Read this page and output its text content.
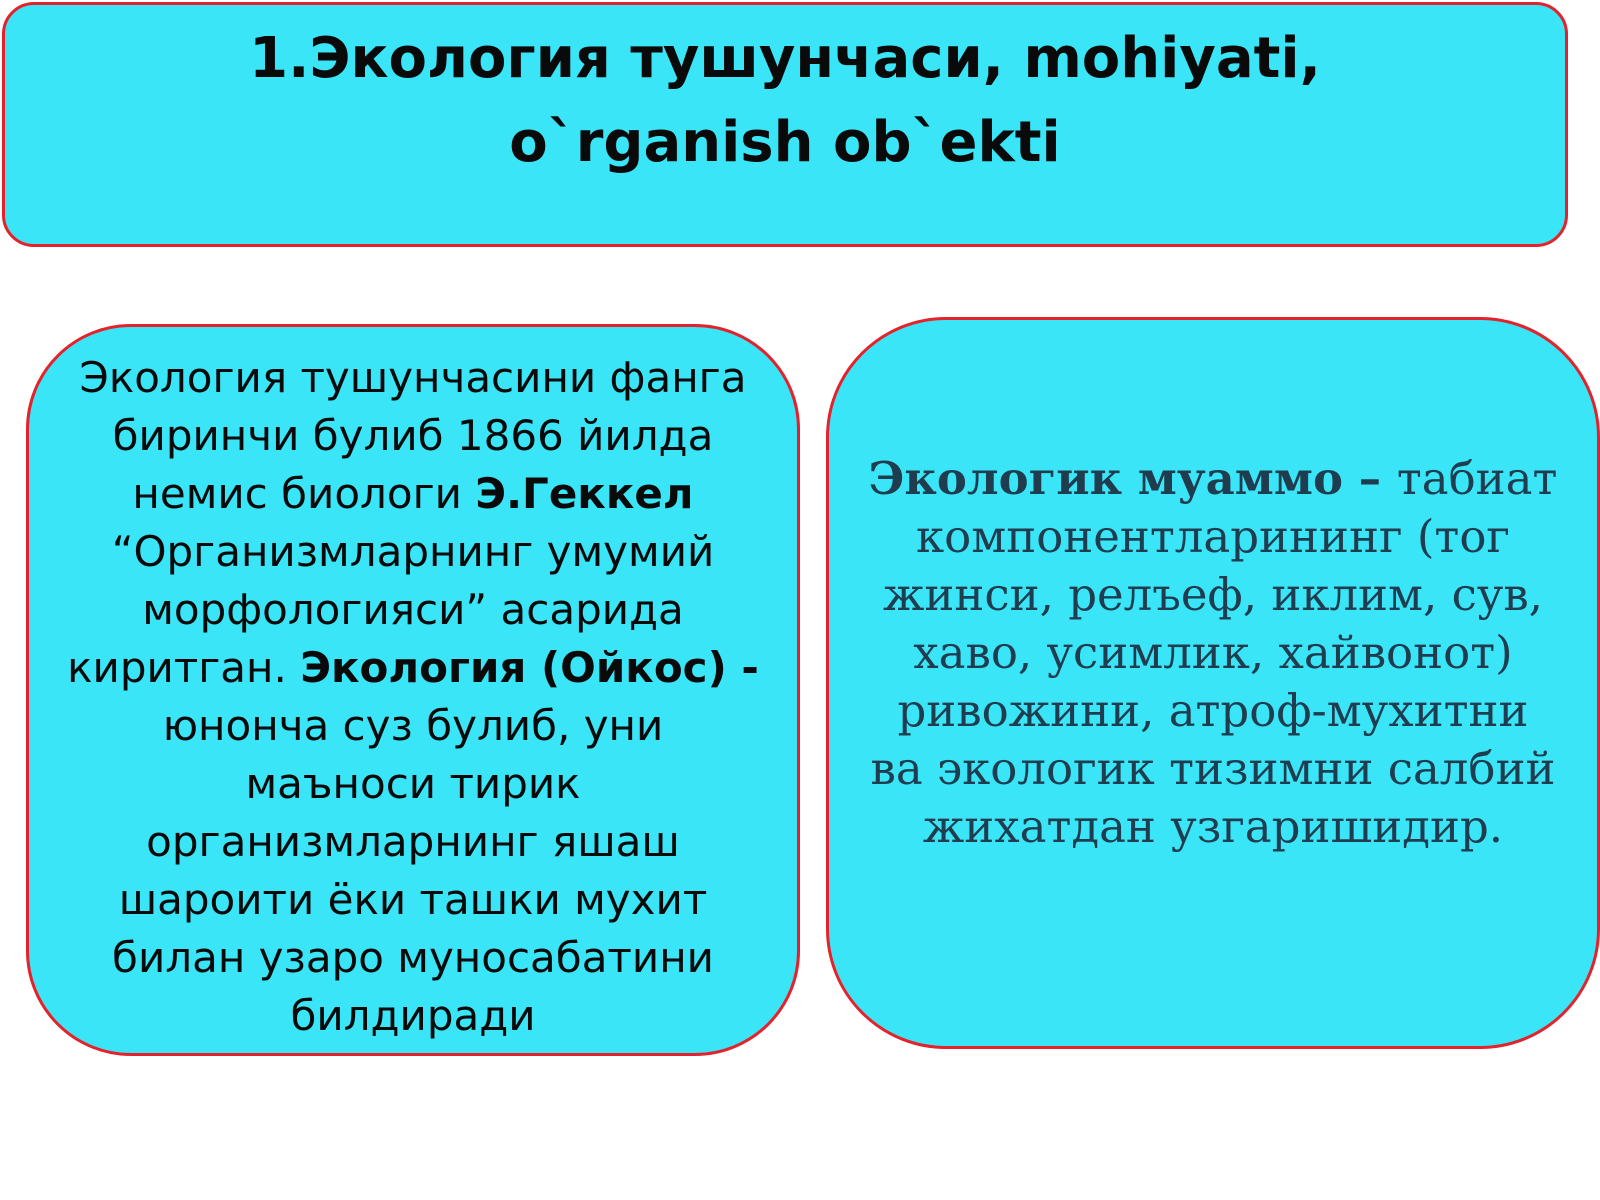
1.Экология тушунчаси, mohiyati, o`rganish ob`ekti
Экология тушунчасини фанга биринчи булиб 1866 йилда немис биологи Э.Геккел “Организмларнинг умумий морфологияси” асарида киритган. Экология (Ойкос) - юнонча суз булиб, уни маъноси тирик организмларнинг яшаш шароити ёки ташки мухит билан узаро муносабатини билдиради
Экологик муаммо – табиат компонентларининг (тог жинси, релъеф, иклим, сув, хаво, усимлик, хайвонот) ривожини, атроф-мухитни ва экологик тизимни салбий жихатдан узгаришидир.
